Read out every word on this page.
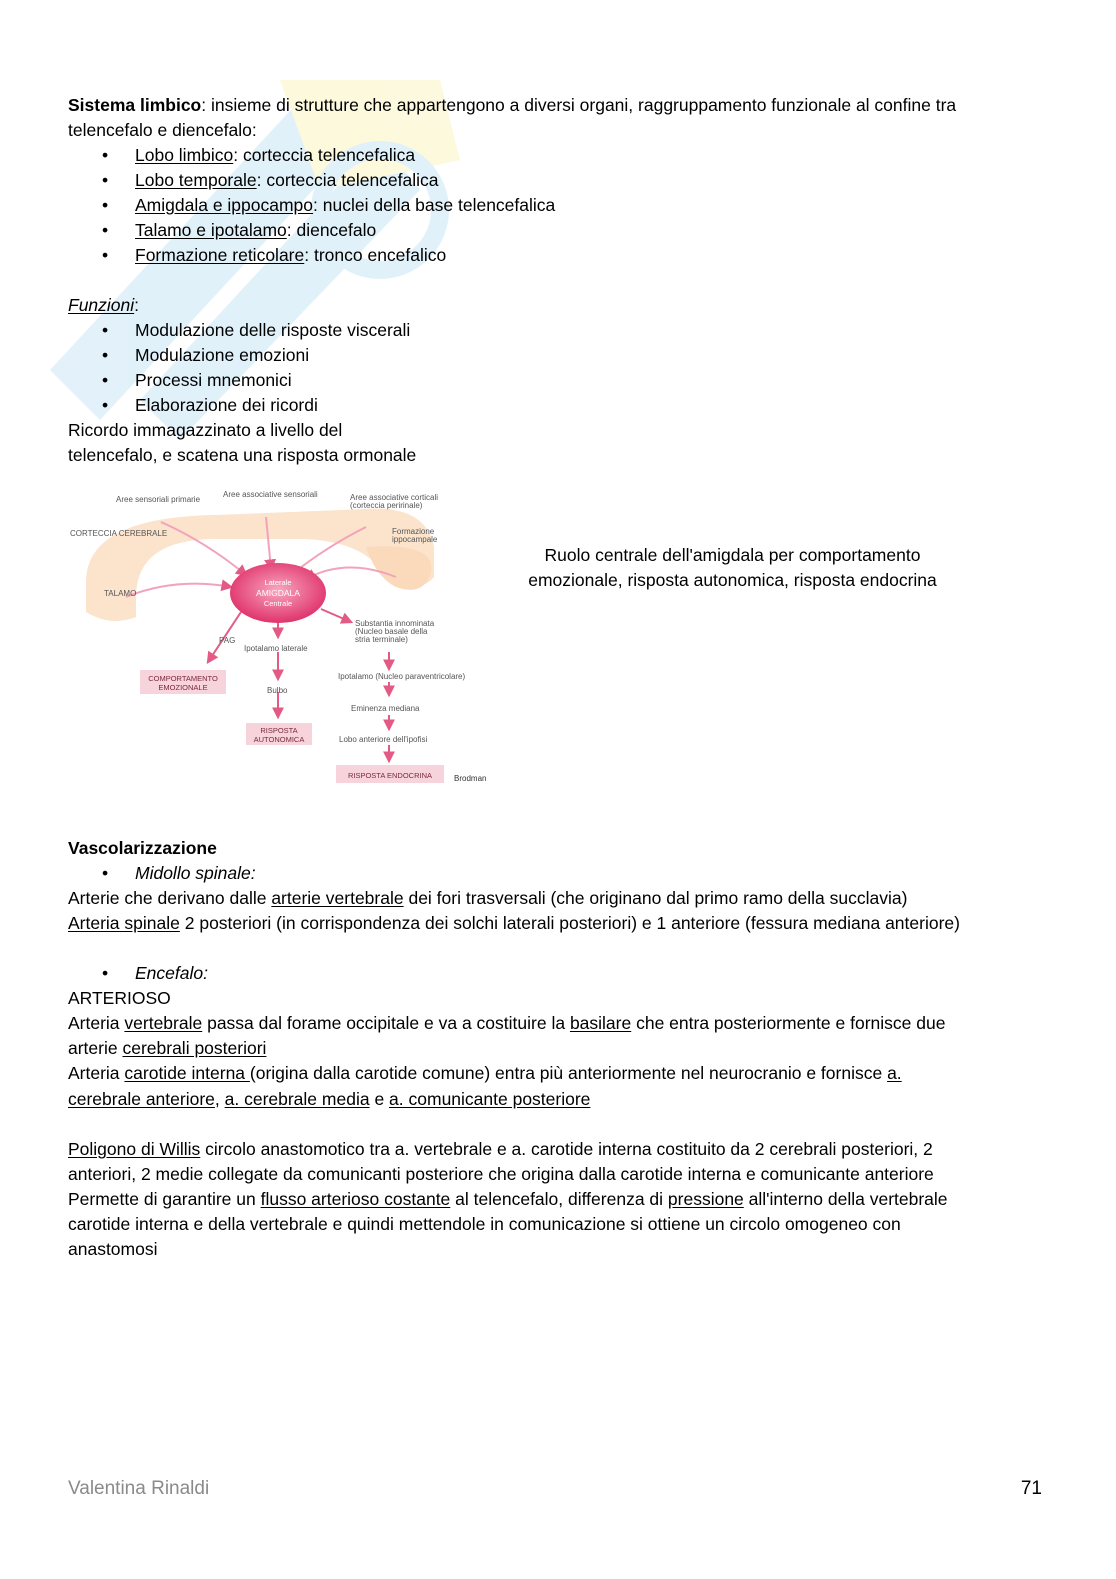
Sistema limbico: insieme di strutture che appartengono a diversi organi, raggruppamento funzionale al confine tra
telencefalo e diencefalo:
• Lobo limbico: corteccia telencefalica
• Lobo temporale: corteccia telencefalica
• Amigdala e ippocampo: nuclei della base telencefalica
• Talamo e ipotalamo: diencefalo
• Formazione reticolare: tronco encefalico
Funzioni:
• Modulazione delle risposte viscerali
• Modulazione emozioni
• Processi mnemonici
• Elaborazione dei ricordi
Ricordo immagazzinato a livello del
telencefalo, e scatena una risposta ormonale
Aree sensoriali primarie
Aree associative sensoriali	Aree associative corticali
(corteccia peririnale)
CORTECCIA CEREBRALE	Formazione
ippocampale
TALAMO
PAG
Ipotalamo laterale
Substantia innominata
(Nucleo basale della
stria terminale)
Bulbo
Ipotalamo (Nucleo paraventricolare)
Eminenza mediana
Lobo anteriore dell'ipofisi
Brodman
Laterale
AMIGDALA
Centrale
COMPORTAMENTO
EMOZIONALE
RISPOSTA
AUTONOMICA
RISPOSTA ENDOCRINA
Ruolo centrale dell'amigdala per comportamento
emozionale, risposta autonomica, risposta endocrina
Vascolarizzazione
• Midollo spinale:
Arterie che derivano dalle arterie vertebrale dei fori trasversali (che originano dal primo ramo della succlavia)
Arteria spinale 2 posteriori (in corrispondenza dei solchi laterali posteriori) e 1 anteriore (fessura mediana anteriore)
• Encefalo:
ARTERIOSO
Arteria vertebrale passa dal forame occipitale e va a costituire la basilare che entra posteriormente e fornisce due
arterie cerebrali posteriori
Arteria carotide interna (origina dalla carotide comune) entra più anteriormente nel neurocranio e fornisce a.
cerebrale anteriore, a. cerebrale media e a. comunicante posteriore
Poligono di Willis circolo anastomotico tra a. vertebrale e a. carotide interna costituito da 2 cerebrali posteriori, 2
anteriori, 2 medie collegate da comunicanti posteriore che origina dalla carotide interna e comunicante anteriore
Permette di garantire un flusso arterioso costante al telencefalo, differenza di pressione all'interno della vertebrale
carotide interna e della vertebrale e quindi mettendole in comunicazione si ottiene un circolo omogeneo con
anastomosi
Valentina Rinaldi	71
